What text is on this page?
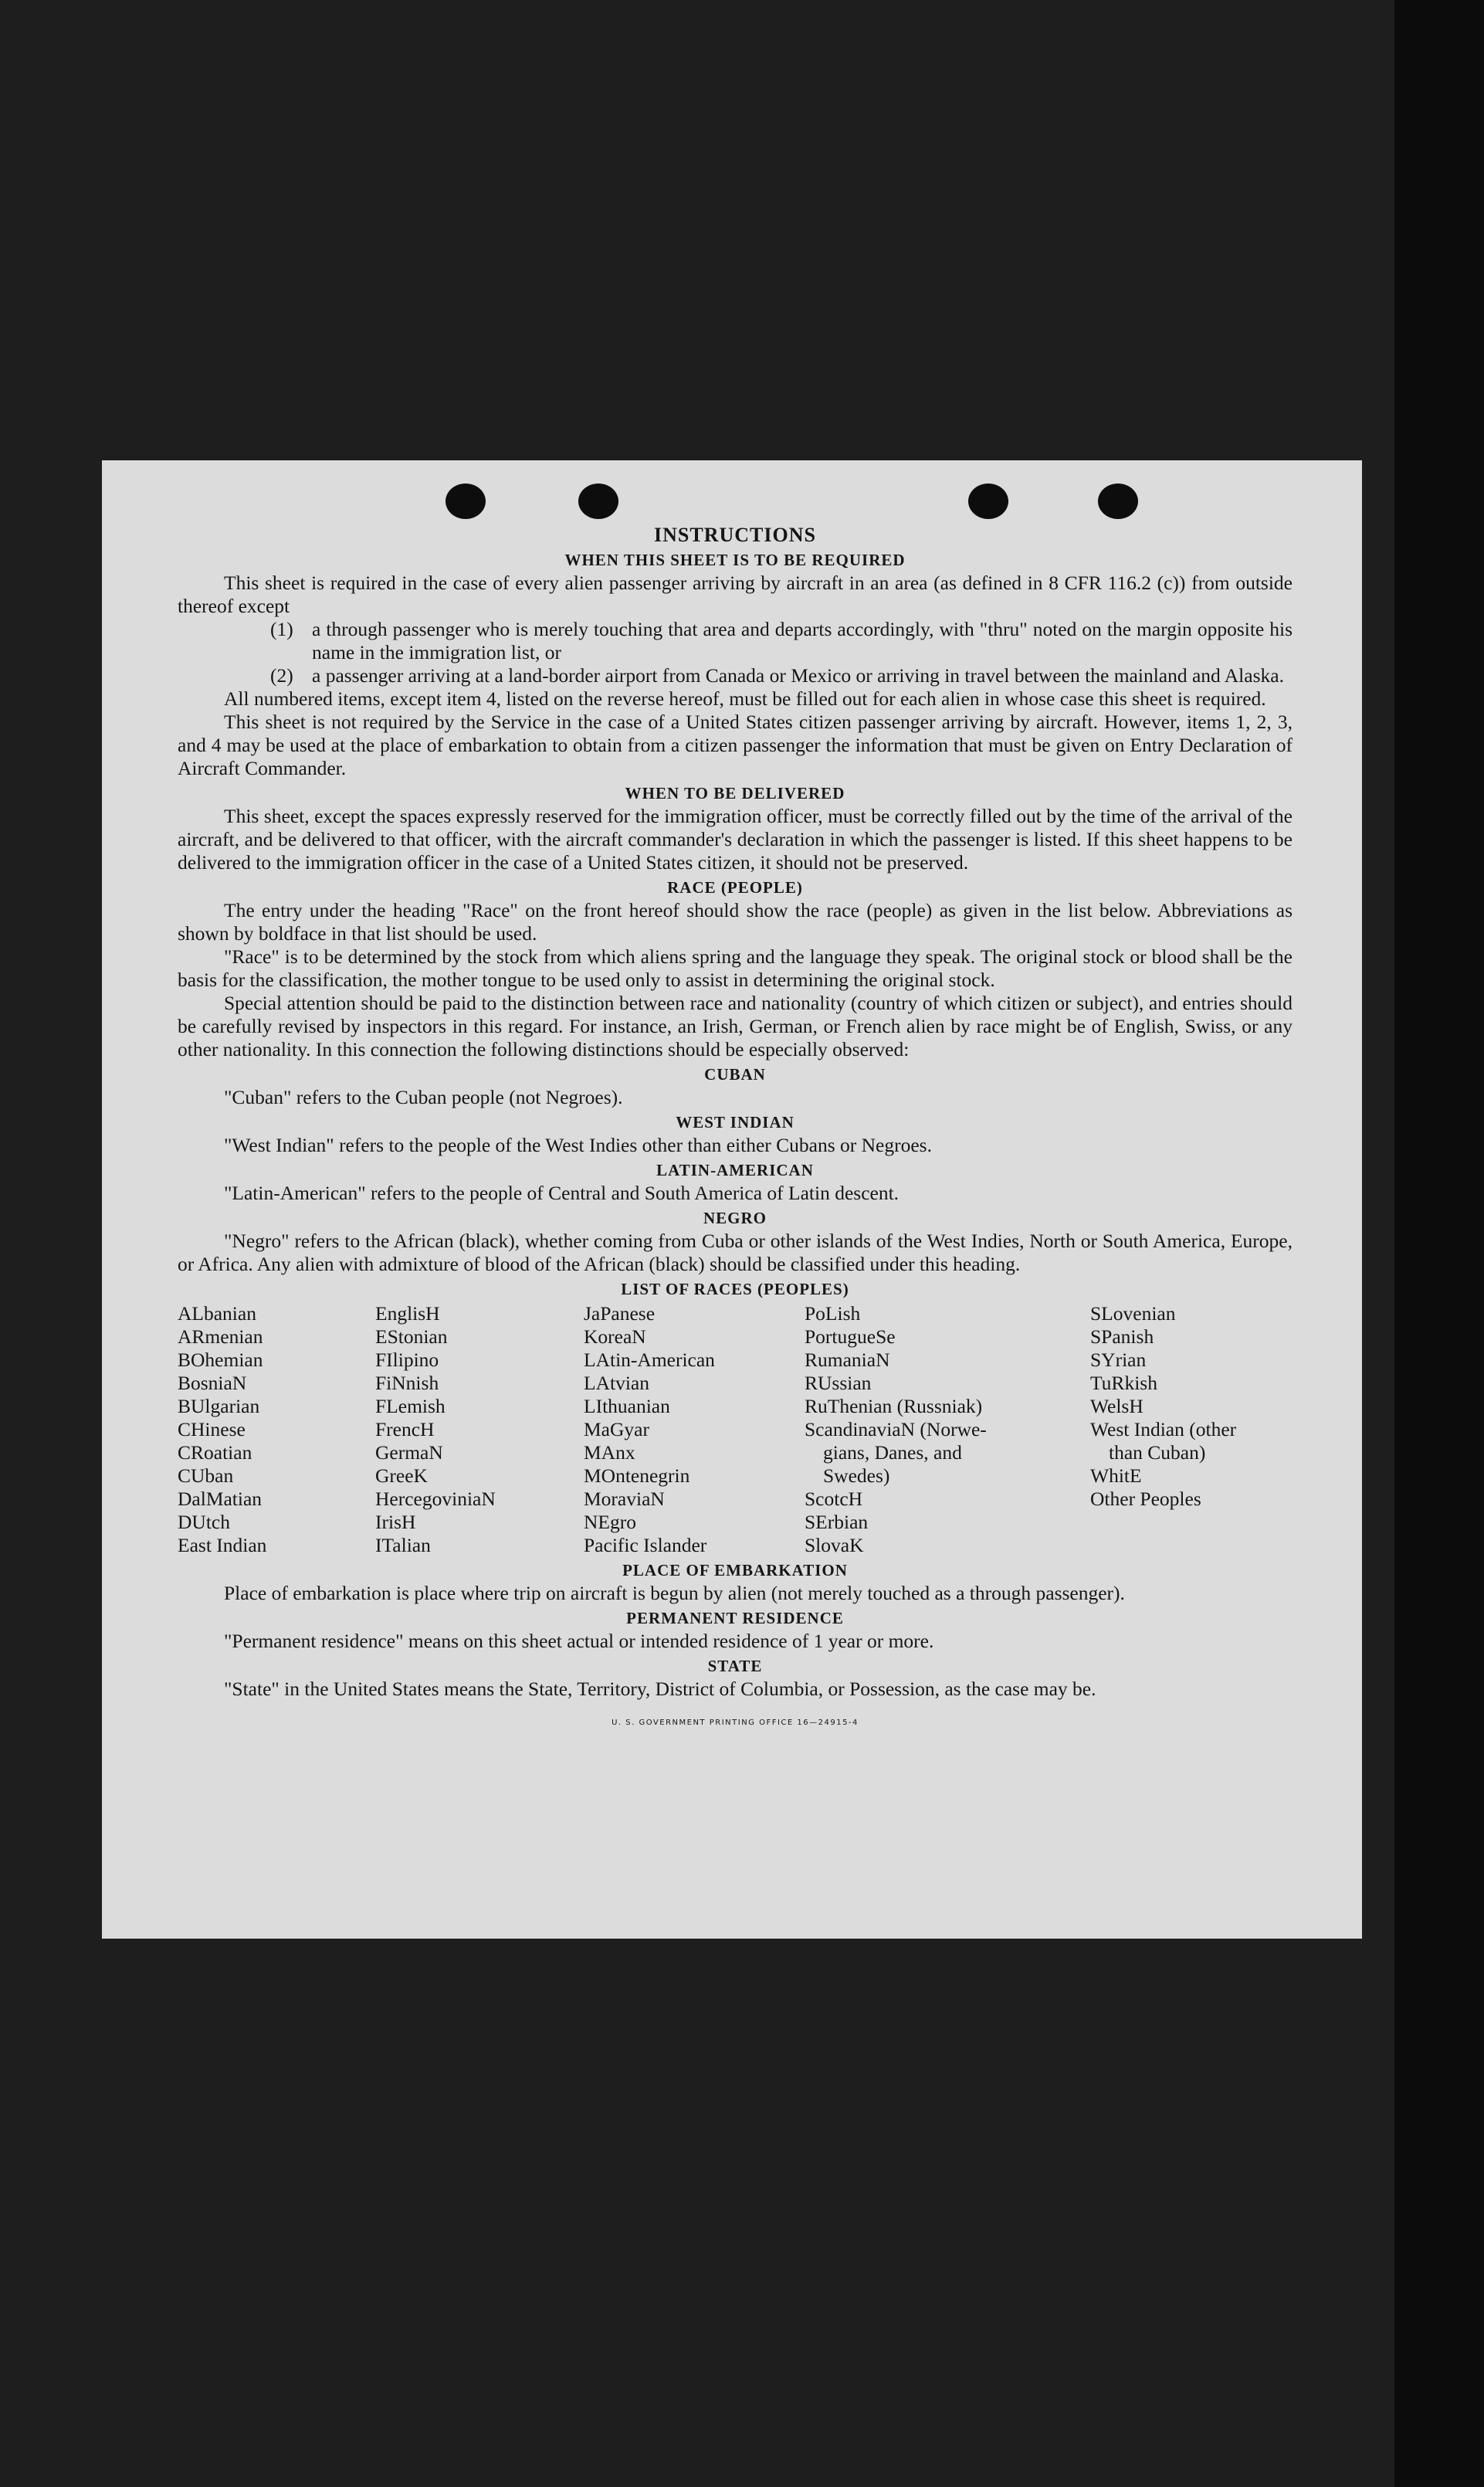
INSTRUCTIONS
WHEN THIS SHEET IS TO BE REQUIRED

This sheet is required in the case of every alien passenger arriving by aircraft in an area (as defined in 8 CFR 116.2 (c)) from outside thereof except

(1) a through passenger who is merely touching that area and departs accordingly, with "thru" noted on the margin opposite his name in the immigration list, or
(2) a passenger arriving at a land-border airport from Canada or Mexico or arriving in travel between the mainland and Alaska.

All numbered items, except item 4, listed on the reverse hereof, must be filled out for each alien in whose case this sheet is required.

This sheet is not required by the Service in the case of a United States citizen passenger arriving by aircraft. However, items 1, 2, 3, and 4 may be used at the place of embarkation to obtain from a citizen passenger the information that must be given on Entry Declaration of Aircraft Commander.

WHEN TO BE DELIVERED

This sheet, except the spaces expressly reserved for the immigration officer, must be correctly filled out by the time of the arrival of the aircraft, and be delivered to that officer, with the aircraft commander's declaration in which the passenger is listed. If this sheet happens to be delivered to the immigration officer in the case of a United States citizen, it should not be preserved.

RACE (PEOPLE)

The entry under the heading "Race" on the front hereof should show the race (people) as given in the list below. Abbreviations as shown by boldface in that list should be used.

"Race" is to be determined by the stock from which aliens spring and the language they speak. The original stock or blood shall be the basis for the classification, the mother tongue to be used only to assist in determining the original stock.

Special attention should be paid to the distinction between race and nationality (country of which citizen or subject), and entries should be carefully revised by inspectors in this regard. For instance, an Irish, German, or French alien by race might be of English, Swiss, or any other nationality. In this connection the following distinctions should be especially observed:

CUBAN

"Cuban" refers to the Cuban people (not Negroes).

WEST INDIAN

"West Indian" refers to the people of the West Indies other than either Cubans or Negroes.

LATIN-AMERICAN

"Latin-American" refers to the people of Central and South America of Latin descent.

NEGRO

"Negro" refers to the African (black), whether coming from Cuba or other islands of the West Indies, North or South America, Europe, or Africa. Any alien with admixture of blood of the African (black) should be classified under this heading.

LIST OF RACES (PEOPLES)
ALbanian
ARmenian
BOhemian
BosniaN
BUlgarian
CHinese
CRoatian
CUban
DalMatian
DUtch
East Indian
EnglisH
EStonian
FIlipino
FiNnish
FLemish
FrencH
GermaN
GreeK
HercegoviniaN
IrisH
ITalian
JaPanese
KoreaN
LAtin-American
LAtvian
LIthuanian
MaGyar
MAnx
MOntenegrin
MoraviaN
NEgro
Pacific Islander
PoLish
PortugueSe
RumaniaN
RUssian
RuThenian (Russniak)
ScandinaviaN (Norwe-
gians, Danes, and
Swedes)
ScotcH
SErbian
SlovaK
SLovenian
SPanish
SYrian
TuRkish
WelsH
West Indian (other
than Cuban)
WhitE
Other Peoples
PLACE OF EMBARKATION

Place of embarkation is place where trip on aircraft is begun by alien (not merely touched as a through passenger).

PERMANENT RESIDENCE

"Permanent residence" means on this sheet actual or intended residence of 1 year or more.

STATE

"State" in the United States means the State, Territory, District of Columbia, or Possession, as the case may be.

U. S. GOVERNMENT PRINTING OFFICE 16—24915-4
